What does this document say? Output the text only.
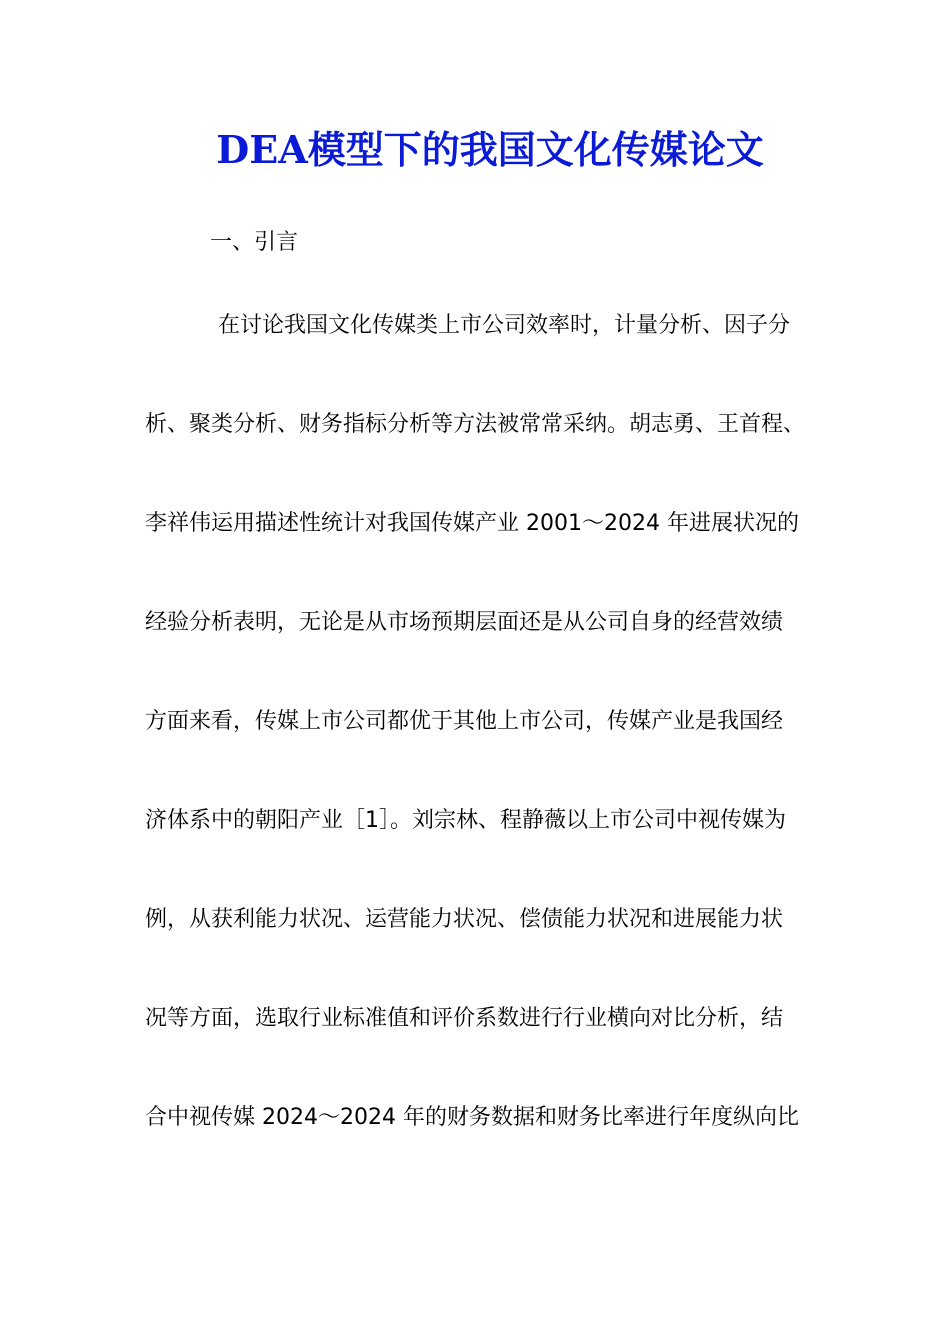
DEA模型下的我国文化传媒论文
一、引言
在讨论我国文化传媒类上市公司效率时，计量分析、因子分
析、聚类分析、财务指标分析等方法被常常采纳。胡志勇、王首程、
李祥伟运用描述性统计对我国传媒产业 2001～2024 年进展状况的
经验分析表明，无论是从市场预期层面还是从公司自身的经营效绩
方面来看，传媒上市公司都优于其他上市公司，传媒产业是我国经
济体系中的朝阳产业［1］。刘宗林、程静薇以上市公司中视传媒为
例，从获利能力状况、运营能力状况、偿债能力状况和进展能力状
况等方面，选取行业标准值和评价系数进行行业横向对比分析，结
合中视传媒 2024～2024 年的财务数据和财务比率进行年度纵向比
